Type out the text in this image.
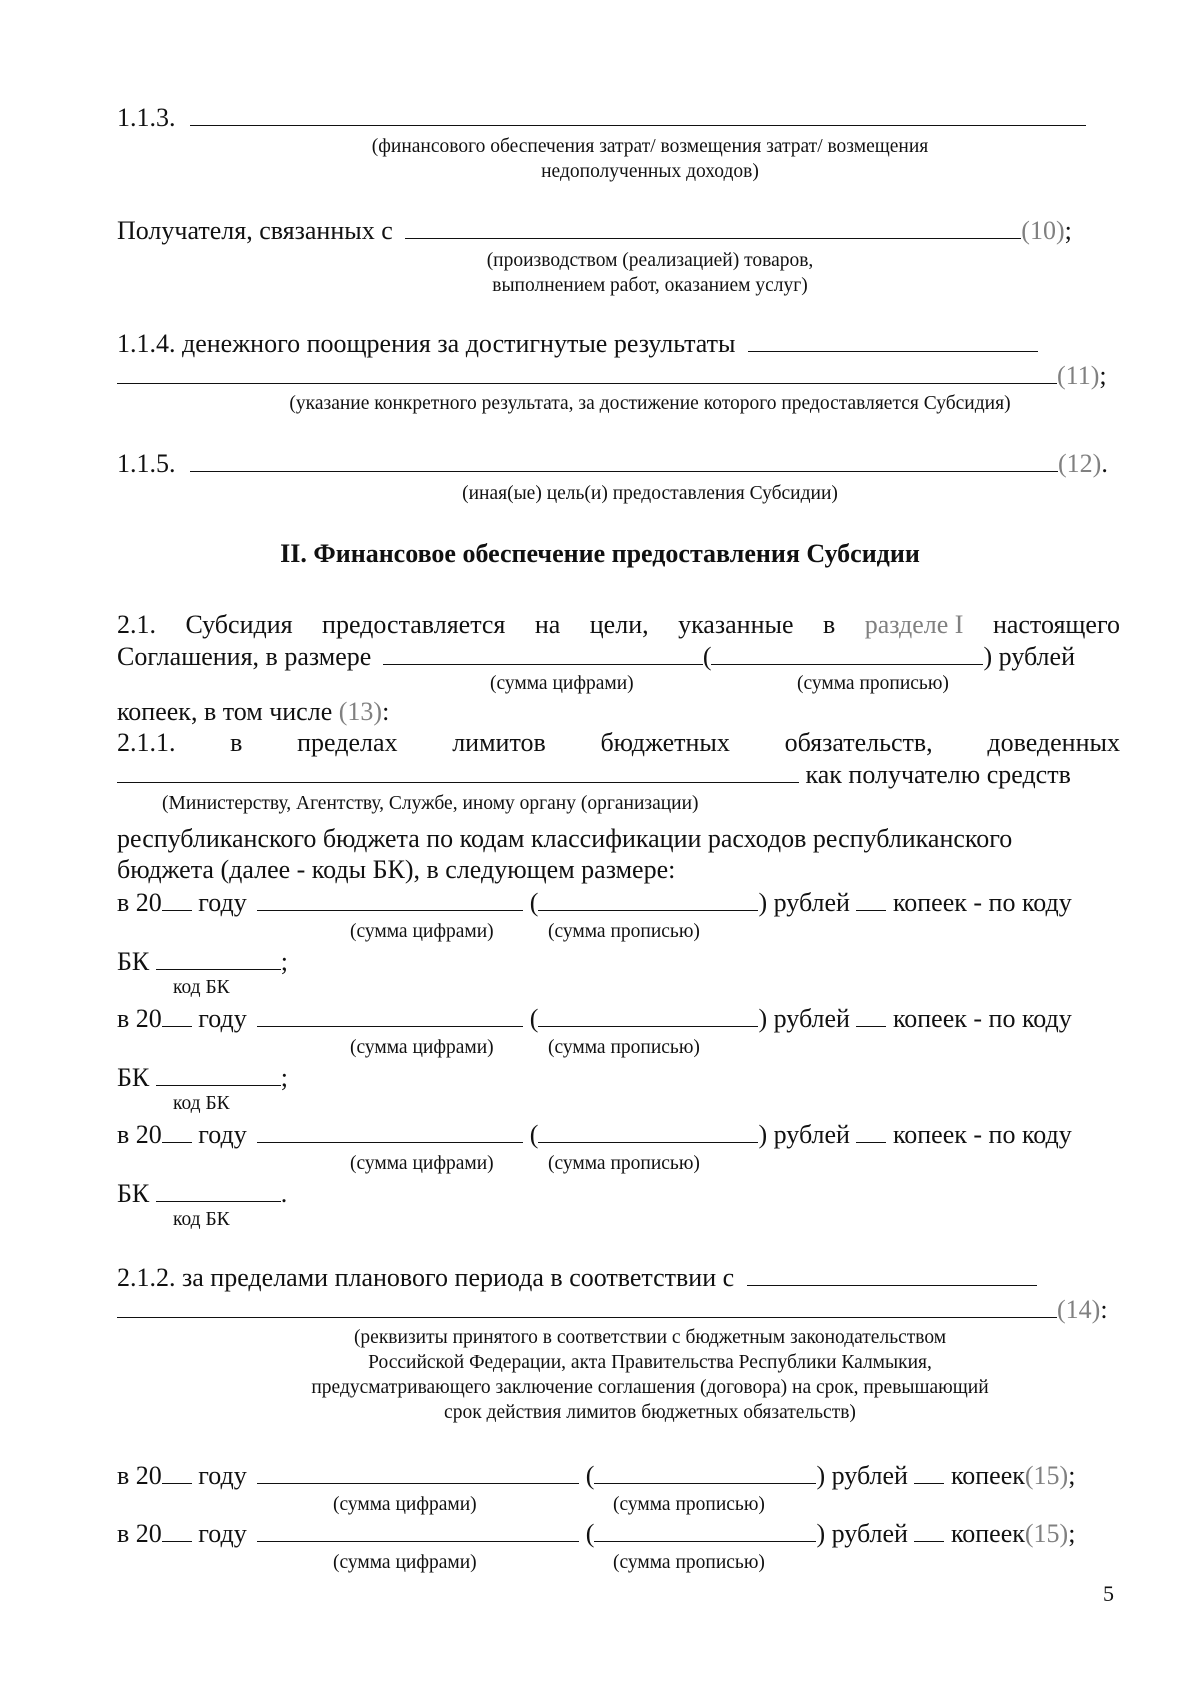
1.1.3.
(финансового обеспечения затрат/ возмещения затрат/ возмещения
недополученных доходов)
Получателя, связанных с	(10);
(производством (реализацией) товаров,
выполнением работ, оказанием услуг)
1.1.4. денежного поощрения за достигнутые результаты
(11);
(указание конкретного результата, за достижение которого предоставляется Субсидия)
1.1.5.	(12).
(иная(ые) цель(и) предоставления Субсидии)
II. Финансовое обеспечение предоставления Субсидии
2.1. Субсидия предоставляется на цели, указанные в разделе I настоящего
Соглашения, в размере	(	) рублей
(сумма цифрами)	(сумма прописью)
копеек, в том числе (13):
2.1.1. в пределах лимитов бюджетных обязательств, доведенных
как получателю средств
(Министерству, Агентству, Службе, иному органу (организации)
республиканского бюджета по кодам классификации расходов республиканского
бюджета (далее - коды БК), в следующем размере:
в 20 году	(	) рублей копеек - по коду
(сумма цифрами)	(сумма прописью)
БК	;
код БК
в 20 году	(	) рублей копеек - по коду
(сумма цифрами)	(сумма прописью)
БК	;
код БК
в 20 году	(	) рублей копеек - по коду
(сумма цифрами)	(сумма прописью)
БК	.
код БК
2.1.2. за пределами планового периода в соответствии с
(14):
(реквизиты принятого в соответствии с бюджетным законодательством
Российской Федерации, акта Правительства Республики Калмыкия,
предусматривающего заключение соглашения (договора) на срок, превышающий
срок действия лимитов бюджетных обязательств)
в 20 году	(	) рублей копеек(15);
(сумма цифрами)	(сумма прописью)
в 20 году	(	) рублей копеек(15);
(сумма цифрами)	(сумма прописью)
5
